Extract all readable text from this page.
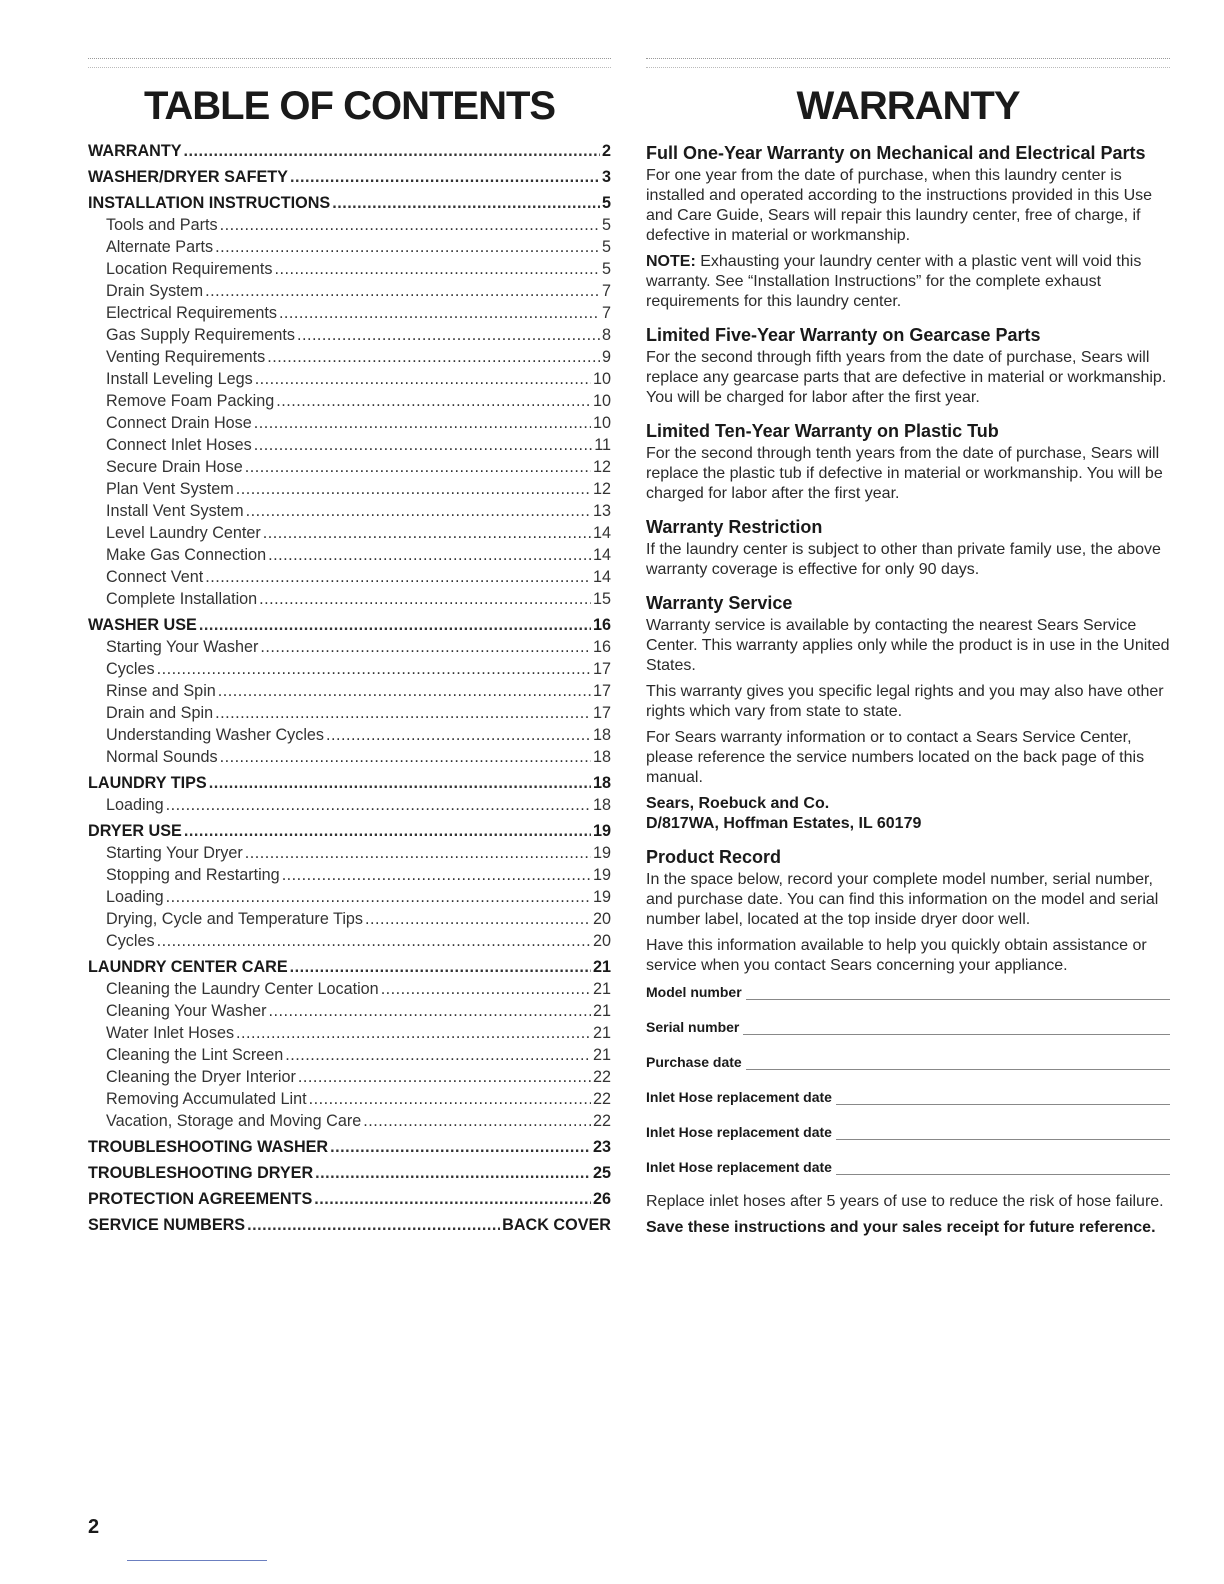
TABLE OF CONTENTS
WARRANTY . . .	2
WASHER/DRYER SAFETY . . .	3
INSTALLATION INSTRUCTIONS . . .	5
Tools and Parts . . .	5
Alternate Parts . . .	5
Location Requirements . . .	5
Drain System . . .	7
Electrical Requirements . . .	7
Gas Supply Requirements . . .	8
Venting Requirements . . .	9
Install Leveling Legs . . .	10
Remove Foam Packing . . .	10
Connect Drain Hose . . .	10
Connect Inlet Hoses . . .	11
Secure Drain Hose . . .	12
Plan Vent System . . .	12
Install Vent System . . .	13
Level Laundry Center . . .	14
Make Gas Connection . . .	14
Connect Vent . . .	14
Complete Installation . . .	15
WASHER USE . . .	16
Starting Your Washer . . .	16
Cycles . . .	17
Rinse and Spin . . .	17
Drain and Spin . . .	17
Understanding Washer Cycles . . .	18
Normal Sounds . . .	18
LAUNDRY TIPS . . .	18
Loading . . .	18
DRYER USE . . .	19
Starting Your Dryer . . .	19
Stopping and Restarting . . .	19
Loading . . .	19
Drying, Cycle and Temperature Tips . . .	20
Cycles . . .	20
LAUNDRY CENTER CARE . . .	21
Cleaning the Laundry Center Location . . .	21
Cleaning Your Washer . . .	21
Water Inlet Hoses . . .	21
Cleaning the Lint Screen . . .	21
Cleaning the Dryer Interior . . .	22
Removing Accumulated Lint . . .	22
Vacation, Storage and Moving Care . . .	22
TROUBLESHOOTING WASHER . . .	23
TROUBLESHOOTING DRYER . . .	25
PROTECTION AGREEMENTS . . .	26
SERVICE NUMBERS . . .	BACK COVER
WARRANTY
Full One-Year Warranty on Mechanical and Electrical Parts

For one year from the date of purchase, when this laundry center is installed and operated according to the instructions provided in this Use and Care Guide, Sears will repair this laundry center, free of charge, if defective in material or workmanship.

NOTE: Exhausting your laundry center with a plastic vent will void this warranty. See “Installation Instructions” for the complete exhaust requirements for this laundry center.

Limited Five-Year Warranty on Gearcase Parts

For the second through fifth years from the date of purchase, Sears will replace any gearcase parts that are defective in material or workmanship. You will be charged for labor after the first year.

Limited Ten-Year Warranty on Plastic Tub

For the second through tenth years from the date of purchase, Sears will replace the plastic tub if defective in material or workmanship. You will be charged for labor after the first year.

Warranty Restriction

If the laundry center is subject to other than private family use, the above warranty coverage is effective for only 90 days.

Warranty Service

Warranty service is available by contacting the nearest Sears Service Center. This warranty applies only while the product is in use in the United States.

This warranty gives you specific legal rights and you may also have other rights which vary from state to state.

For Sears warranty information or to contact a Sears Service Center, please reference the service numbers located on the back page of this manual.

Sears, Roebuck and Co.

D/817WA, Hoffman Estates, IL 60179

Product Record

In the space below, record your complete model number, serial number, and purchase date. You can find this information on the model and serial number label, located at the top inside dryer door well.

Have this information available to help you quickly obtain assistance or service when you contact Sears concerning your appliance.

Model number
Serial number
Purchase date
Inlet Hose replacement date
Inlet Hose replacement date
Inlet Hose replacement date

Replace inlet hoses after 5 years of use to reduce the risk of hose failure.

Save these instructions and your sales receipt for future reference.

2
